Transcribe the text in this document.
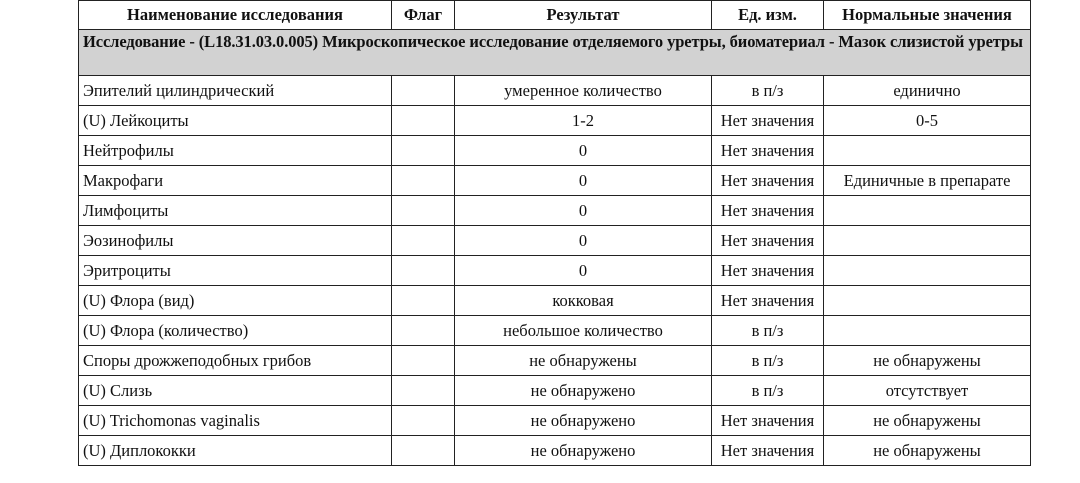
Наименование исследования	Флаг	Результат	Ед. изм.	Нормальные значения
Исследование - (L18.31.03.0.005) Микроскопическое исследование отделяемого уретры, биоматериал - Мазок слизистой уретры				
Эпителий цилиндрический		умеренное количество	в п/з	единично
(U) Лейкоциты		1-2	Нет значения	0-5
Нейтрофилы		0	Нет значения	
Макрофаги		0	Нет значения	Единичные в препарате
Лимфоциты		0	Нет значения	
Эозинофилы		0	Нет значения	
Эритроциты		0	Нет значения	
(U) Флора (вид)		кокковая	Нет значения	
(U) Флора (количество)		небольшое количество	в п/з	
Споры дрожжеподобных грибов		не обнаружены	в п/з	не обнаружены
(U) Слизь		не обнаружено	в п/з	отсутствует
(U) Trichomonas vaginalis		не обнаружено	Нет значения	не обнаружены
(U) Диплококки		не обнаружено	Нет значения	не обнаружены
